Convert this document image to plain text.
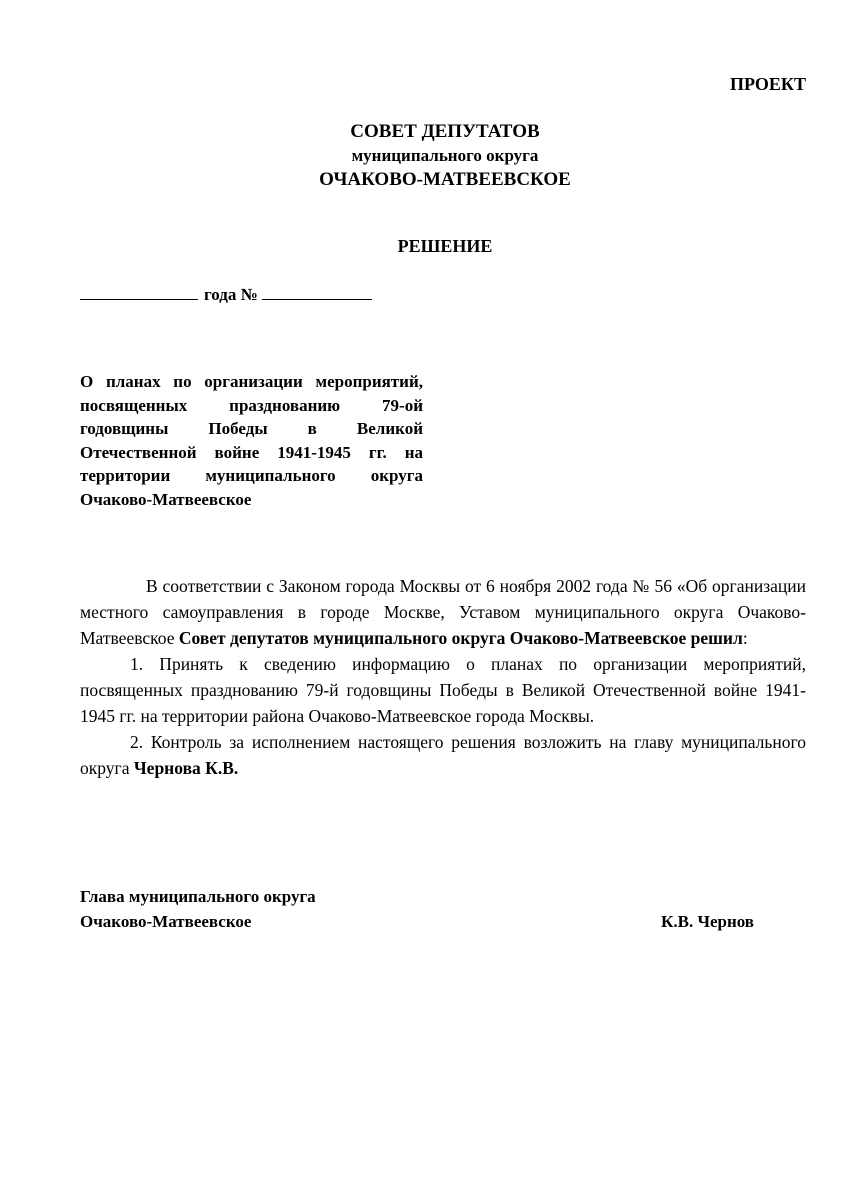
ПРОЕКТ
СОВЕТ ДЕПУТАТОВ
муниципального округа
ОЧАКОВО-МАТВЕЕВСКОЕ
РЕШЕНИЕ
года №
О планах по организации мероприятий, посвященных празднованию 79-ой годовщины Победы в Великой Отечественной войне 1941-1945 гг. на территории муниципального округа Очаково-Матвеевское

В соответствии с Законом города Москвы от 6 ноября 2002 года № 56 «Об организации местного самоуправления в городе Москве, Уставом муниципального округа Очаково-Матвеевское Совет депутатов муниципального округа Очаково-Матвеевское решил:

1. Принять к сведению информацию о планах по организации мероприятий, посвященных празднованию 79-й годовщины Победы в Великой Отечественной войне 1941-1945 гг. на территории района Очаково-Матвеевское города Москвы.

2. Контроль за исполнением настоящего решения возложить на главу муниципального округа Чернова К.В.

Глава муниципального округа
Очаково-Матвеевское	К.В. Чернов
